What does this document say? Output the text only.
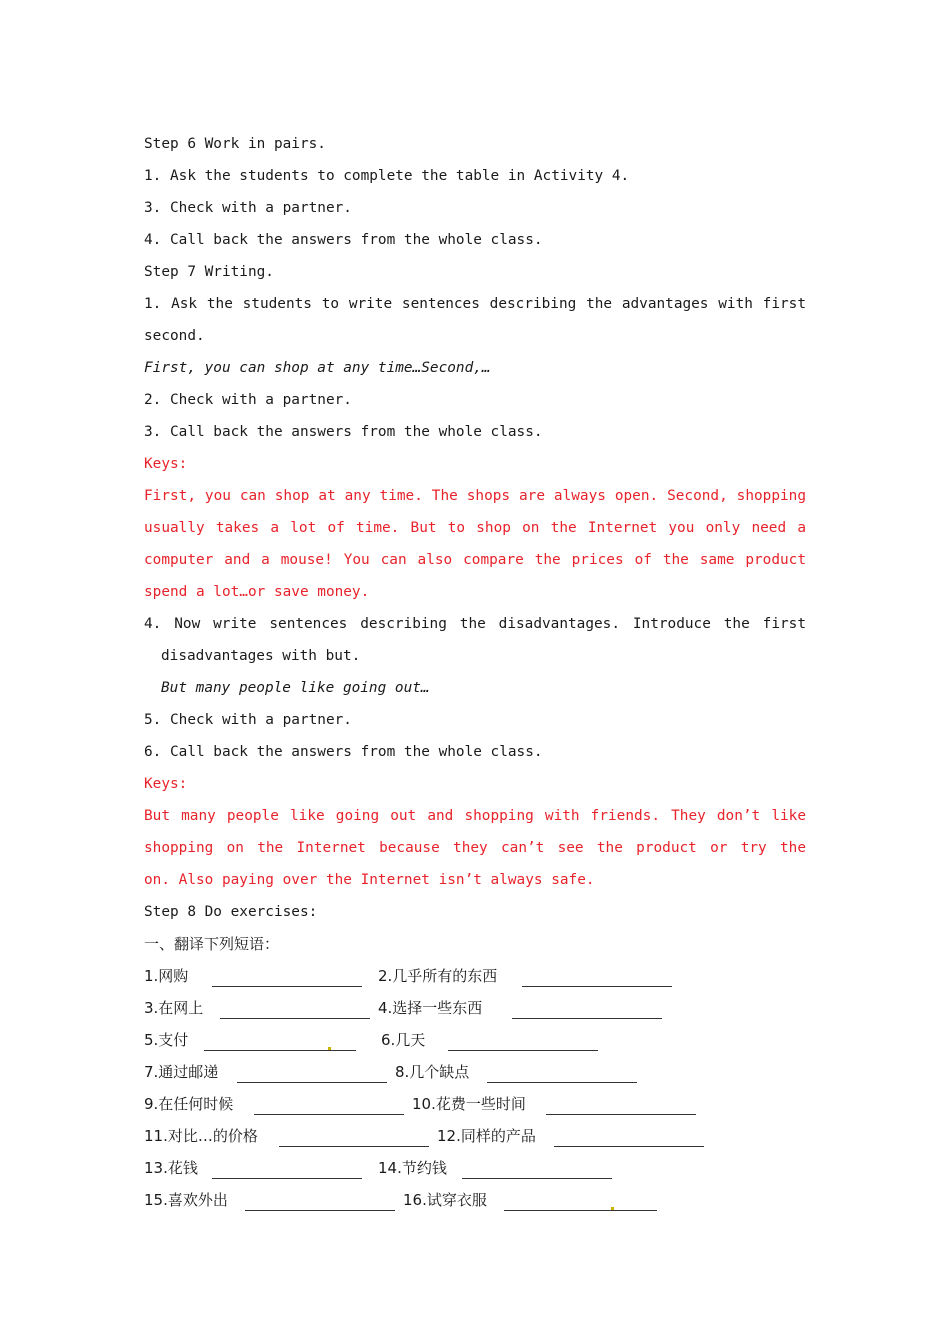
Step 6 Work in pairs.
1. Ask the students to complete the table in Activity 4.
3. Check with a partner.
4. Call back the answers from the whole class.
Step 7 Writing.
1. Ask the students to write sentences describing the advantages with first
second.
First, you can shop at any time…Second,…
2. Check with a partner.
3. Call back the answers from the whole class.
Keys:
First, you can shop at any time. The shops are always open. Second, shopping
usually takes a lot of time. But to shop on the Internet you only need a
computer and a mouse! You can also compare the prices of the same product
spend a lot…or save money.
4. Now write sentences describing the disadvantages. Introduce the first
disadvantages with but.
But many people like going out…
5. Check with a partner.
6. Call back the answers from the whole class.
Keys:
But many people like going out and shopping with friends. They don’t like
shopping on the Internet because they can’t see the product or try the
on. Also paying over the Internet isn’t always safe.
Step 8 Do exercises:
一、翻译下列短语：
1.网购	2.几乎所有的东西
3.在网上	4.选择一些东西
5.支付	6.几天
7.通过邮递	8.几个缺点
9.在任何时候	10.花费一些时间
11.对比…的价格	12.同样的产品
13.花钱	14.节约钱
15.喜欢外出	16.试穿衣服
